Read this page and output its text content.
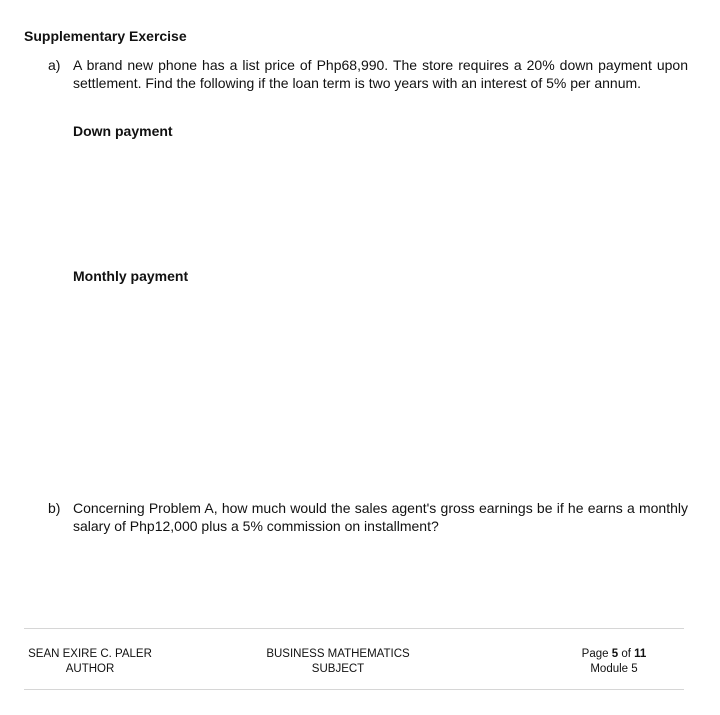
Supplementary Exercise
a) A brand new phone has a list price of Php68,990. The store requires a 20% down payment upon settlement. Find the following if the loan term is two years with an interest of 5% per annum.
Down payment
Monthly payment
b) Concerning Problem A, how much would the sales agent's gross earnings be if he earns a monthly salary of Php12,000 plus a 5% commission on installment?
SEAN EXIRE C. PALER
AUTHOR
BUSINESS MATHEMATICS
SUBJECT
Page 5 of 11
Module 5
